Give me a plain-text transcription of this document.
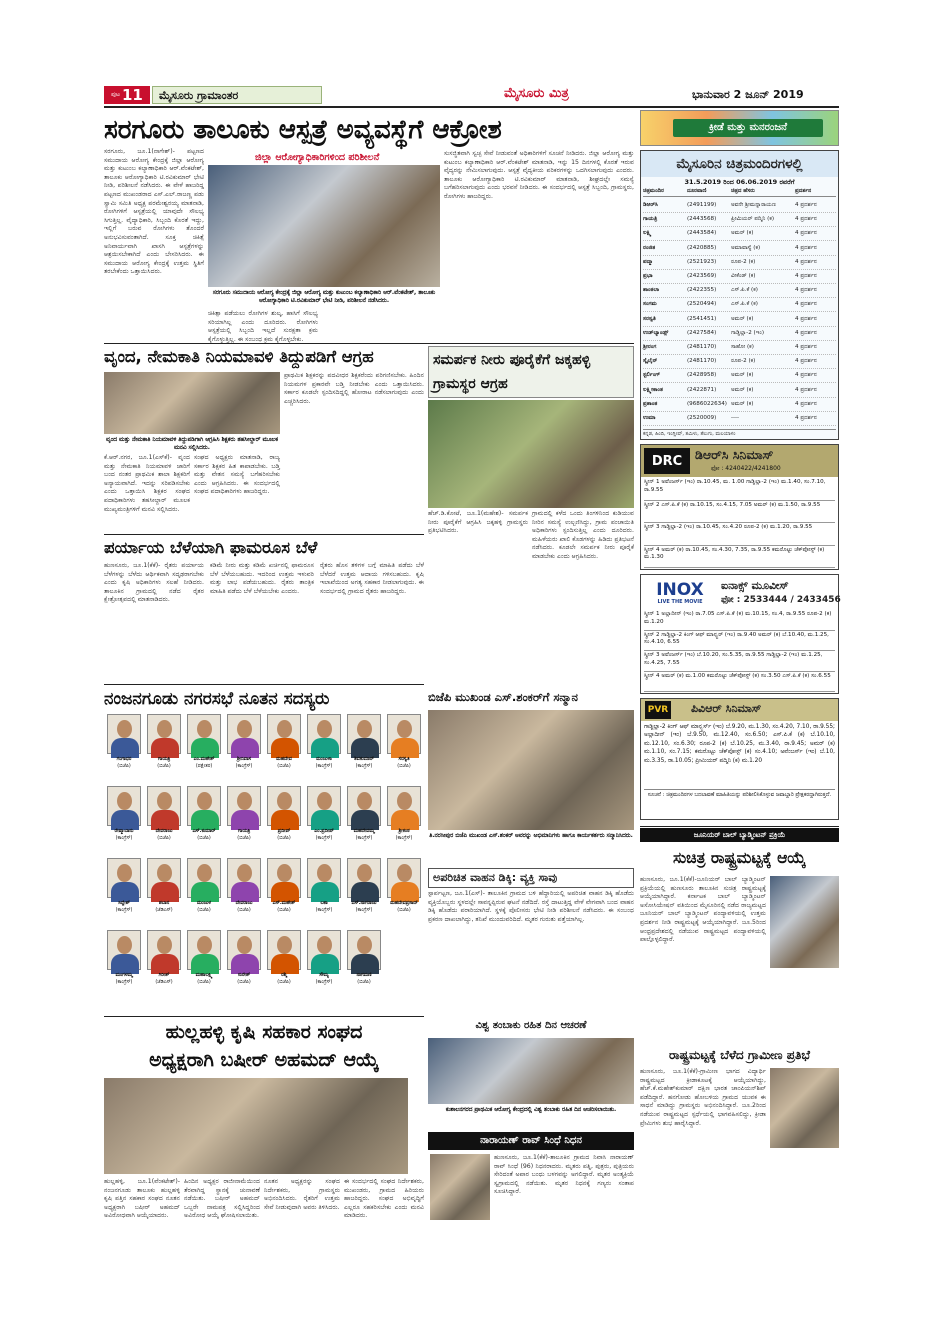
ಪುಟ 11 ಮೈಸೂರು ಗ್ರಾಮಾಂತರ	ಮೈಸೂರು ಮಿತ್ರ	ಭಾನುವಾರ 2 ಜೂನ್ 2019
ಸರಗೂರು ತಾಲೂಕು ಆಸ್ಪತ್ರೆ ಅವ್ಯವಸ್ಥೆಗೆ ಆಕ್ರೋಶ
ಜಿಲ್ಲಾ ಆರೋಗ್ಯಾಧಿಕಾರಿಗಳಿಂದ ಪರಿಶೀಲನೆ
ಸರಗೂರು, ಜೂ.1(ನಾಗೇಶ್)- ಪಟ್ಟಣದ ಸಮುದಾಯ ಆರೋಗ್ಯ ಕೇಂದ್ರಕ್ಕೆ ಜಿಲ್ಲಾ ಆರೋಗ್ಯ ಮತ್ತು ಕುಟುಂಬ ಕಲ್ಯಾಣಾಧಿಕಾರಿ ಆರ್.ವೆಂಕಟೇಶ್, ತಾಲೂಕು ಆರೋಗ್ಯಾಧಿಕಾರಿ ಟಿ.ರವಿಕುಮಾರ್ ಭೇಟಿ ನೀಡಿ, ಪರಿಶೀಲನೆ ನಡೆಸಿದರು. ಈ ವೇಳೆ ಹಾಜರಿದ್ದ ಪಟ್ಟಣದ ಮುಖಂಡರಾದ ಎಸ್.ಎಲ್.ರಾಜಣ್ಣ ಪಡು ಸ್ವಾಮಿ ಸಮಿತಿ ಅಧ್ಯಕ್ಷ ಪರಮೇಶ್ವರಯ್ಯ ಮಾತನಾಡಿ, ರೋಗಿಗಳಿಗೆ ಆಸ್ಪತ್ರೆಯಲ್ಲಿ ಯಾವುದೇ ಸೌಲಭ್ಯ ಸಿಗುತ್ತಿಲ್ಲ. ವೈದ್ಯಾಧಿಕಾರಿ, ಸಿಬ್ಬಂದಿ ಕೊರತೆ ಇದ್ದು, ಇಲ್ಲಿಗೆ ಬರುವ ರೋಗಿಗಳು ತೊಂದರೆ ಅನುಭವಿಸುವಂತಾಗಿದೆ. ಸೂಕ್ತ ಚಿಕಿತ್ಸೆ ಅನಿವಾರ್ಯವಾಗಿ ಖಾಸಗಿ ಆಸ್ಪತ್ರೆಗಳನ್ನು ಆಶ್ರಯಿಸಬೇಕಾಗಿದೆ ಎಂದು ಬೇಸರಿಸಿದರು. ಈ ಸಮುದಾಯ ಆರೋಗ್ಯ ಕೇಂದ್ರಕ್ಕೆ ಉತ್ತಮ ಸ್ಥಿತಿಗೆ ತರಬೇಕೆಂದು ಒತ್ತಾಯಿಸಿದರು.
ಸರಗೂರು ಸಮುದಾಯ ಆರೋಗ್ಯ ಕೇಂದ್ರಕ್ಕೆ ಜಿಲ್ಲಾ ಆರೋಗ್ಯ ಮತ್ತು ಕುಟುಂಬ ಕಲ್ಯಾಣಾಧಿಕಾರಿ ಆರ್.ವೆಂಕಟೇಶ್, ತಾಲೂಕು ಆರೋಗ್ಯಾಧಿಕಾರಿ ಟಿ.ರವಿಕುಮಾರ್ ಭೇಟಿ ನೀಡಿ, ಪರಿಶೀಲನೆ ನಡೆಸಿದರು.
ಚಿಕಿತ್ಸಾ ಪಡೆಯಲು ರೋಗಿಗಳ ಶುಲ್ಕ, ಹಾಸಿಗೆ ಸೌಲಭ್ಯ ಸರಿಯಾಗಿಲ್ಲ ಎಂದು ದೂರಿದರು. ರೋಗಿಗಳು ಆಸ್ಪತ್ರೆಯಲ್ಲಿ ಸಿಬ್ಬಂದಿ ಇಲ್ಲದೆ ಸುರಕ್ಷತಾ ಕ್ರಮ ಕೈಗೊಳ್ಳುತ್ತಿಲ್ಲ. ಈ ಸಂಬಂಧ ಕ್ರಮ ಕೈಗೊಳ್ಳಬೇಕು.
ಸುಸಜ್ಜಿತವಾಗಿ ಸ್ವಚ್ಛ ಸೇವೆ ನೀಡುವಂತೆ ಅಧಿಕಾರಿಗಳಿಗೆ ಸೂಚನೆ ನೀಡಿದರು. ಜಿಲ್ಲಾ ಆರೋಗ್ಯ ಮತ್ತು ಕುಟುಂಬ ಕಲ್ಯಾಣಾಧಿಕಾರಿ ಆರ್.ವೆಂಕಟೇಶ್ ಮಾತನಾಡಿ, ಇನ್ನು 15 ದಿನಗಳಲ್ಲಿ ಕೊರತೆ ಇರುವ ವೈದ್ಯರನ್ನು ನೇಮಿಸಲಾಗುವುದು. ಆಸ್ಪತ್ರೆ ವೈದ್ಯಕೀಯ ಪರಿಕರಗಳನ್ನು ಒದಗಿಸಲಾಗುವುದು ಎಂದರು. ತಾಲೂಕು ಆರೋಗ್ಯಾಧಿಕಾರಿ ಟಿ.ರವಿಕುಮಾರ್ ಮಾತನಾಡಿ, ಶೀಘ್ರದಲ್ಲೇ ಸಮಸ್ಯೆ ಬಗೆಹರಿಸಲಾಗುವುದು ಎಂದು ಭರವಸೆ ನೀಡಿದರು. ಈ ಸಂದರ್ಭದಲ್ಲಿ ಆಸ್ಪತ್ರೆ ಸಿಬ್ಬಂದಿ, ಗ್ರಾಮಸ್ಥರು, ರೋಗಿಗಳು ಹಾಜರಿದ್ದರು.
ವೃಂದ, ನೇಮಕಾತಿ ನಿಯಮಾವಳಿ ತಿದ್ದುಪಡಿಗೆ ಆಗ್ರಹ
ವೃಂದ ಮತ್ತು ನೇಮಕಾತಿ ನಿಯಮಾವಳಿ ತಿದ್ದುಪಡಿಗಾಗಿ ಆಗ್ರಹಿಸಿ ಶಿಕ್ಷಕರು ತಹಸೀಲ್ದಾರ್ ಮೂಲಕ ಮನವಿ ಸಲ್ಲಿಸಿದರು.
ಕೆ.ಆರ್.ನಗರ, ಜೂ.1(ಎಸ್‌ಕೆ)- ವೃಂದ ಮತ್ತು ನೇಮಕಾತಿ ನಿಯಮಾವಳಿ ಜಾರಿಗೆ ಬಂದ ನಂತರ ಪ್ರಾಥಮಿಕ ಶಾಲಾ ಶಿಕ್ಷಕರಿಗೆ ಅನ್ಯಾಯವಾಗಿದೆ. ಇದನ್ನು ಸರಿಪಡಿಸಬೇಕು ಎಂದು ಒತ್ತಾಯಿಸಿ ಶಿಕ್ಷಕರ ಸಂಘದ ಪದಾಧಿಕಾರಿಗಳು ತಹಸೀಲ್ದಾರ್ ಮೂಲಕ ಮುಖ್ಯಮಂತ್ರಿಗಳಿಗೆ ಮನವಿ ಸಲ್ಲಿಸಿದರು.
ಸಂಘದ ಅಧ್ಯಕ್ಷರು ಮಾತನಾಡಿ, ರಾಜ್ಯ ಸರ್ಕಾರ ಶಿಕ್ಷಕರ ಹಿತ ಕಾಪಾಡಬೇಕು. ಬಡ್ತಿ ಮತ್ತು ವೇತನ ಸಮಸ್ಯೆ ಬಗೆಹರಿಸಬೇಕು ಎಂದು ಆಗ್ರಹಿಸಿದರು. ಈ ಸಂದರ್ಭದಲ್ಲಿ ಸಂಘದ ಪದಾಧಿಕಾರಿಗಳು ಹಾಜರಿದ್ದರು.
ಪ್ರಾಥಮಿಕ ಶಿಕ್ಷಕರನ್ನು ಪದವೀಧರ ಶಿಕ್ಷಕರೆಂದು ಪರಿಗಣಿಸಬೇಕು. ಹಿಂದಿನ ನಿಯಮಗಳ ಪ್ರಕಾರವೇ ಬಡ್ತಿ ನೀಡಬೇಕು ಎಂದು ಒತ್ತಾಯಿಸಿದರು. ಸರ್ಕಾರ ಕೂಡಲೇ ಸ್ಪಂದಿಸದಿದ್ದಲ್ಲಿ ಹೋರಾಟ ನಡೆಸಲಾಗುವುದು ಎಂದು ಎಚ್ಚರಿಸಿದರು.
ಸಮರ್ಪಕ ನೀರು ಪೂರೈಕೆಗೆ ಜಕ್ಕಹಳ್ಳಿ ಗ್ರಾಮಸ್ಥರ ಆಗ್ರಹ
ಹೆಚ್.ಡಿ.ಕೋಟೆ, ಜೂ.1(ಮಹೇಶ)- ಸಮರ್ಪಕ ನೀರು ಪೂರೈಕೆಗೆ ಆಗ್ರಹಿಸಿ ಜಕ್ಕಹಳ್ಳಿ ಗ್ರಾಮಸ್ಥರು ಪ್ರತಿಭಟಿಸಿದರು.
ಗ್ರಾಮದಲ್ಲಿ ಕಳೆದ ಒಂದು ತಿಂಗಳಿನಿಂದ ಕುಡಿಯುವ ನೀರಿನ ಸಮಸ್ಯೆ ಉಲ್ಬಣಿಸಿದ್ದು, ಗ್ರಾಮ ಪಂಚಾಯಿತಿ ಅಧಿಕಾರಿಗಳು ಸ್ಪಂದಿಸುತ್ತಿಲ್ಲ ಎಂದು ದೂರಿದರು. ಮಹಿಳೆಯರು ಖಾಲಿ ಕೊಡಗಳನ್ನು ಹಿಡಿದು ಪ್ರತಿಭಟನೆ ನಡೆಸಿದರು. ಕೂಡಲೇ ಸಮರ್ಪಕ ನೀರು ಪೂರೈಕೆ ಮಾಡಬೇಕು ಎಂದು ಆಗ್ರಹಿಸಿದರು.
ಪರ್ಯಾಯ ಬೆಳೆಯಾಗಿ ಫಾಮರೂಸ ಬೆಳೆ
ಹುಣಸೂರು, ಜೂ.1(ಕೆಕೆ)- ರೈತರು ಪರ್ಯಾಯ ಬೆಳೆಗಳನ್ನು ಬೆಳೆದು ಆರ್ಥಿಕವಾಗಿ ಸದೃಢರಾಗಬೇಕು ಎಂದು ಕೃಷಿ ಅಧಿಕಾರಿಗಳು ಸಲಹೆ ನೀಡಿದರು. ತಾಲೂಕಿನ ಗ್ರಾಮದಲ್ಲಿ ನಡೆದ ರೈತರ ಕ್ಷೇತ್ರೋತ್ಸವದಲ್ಲಿ ಮಾತನಾಡಿದರು.
ಕಡಿಮೆ ನೀರು ಮತ್ತು ಕಡಿಮೆ ಖರ್ಚಿನಲ್ಲಿ ಫಾಮರೂಸ ಬೆಳೆ ಬೆಳೆಯಬಹುದು. ಇದರಿಂದ ಉತ್ತಮ ಇಳುವರಿ ಮತ್ತು ಲಾಭ ಪಡೆಯಬಹುದು. ರೈತರು ತಾಂತ್ರಿಕ ಮಾಹಿತಿ ಪಡೆದು ಬೆಳೆ ಬೆಳೆಯಬೇಕು ಎಂದರು.
ರೈತರು ಹೊಸ ತಳಿಗಳ ಬಗ್ಗೆ ಮಾಹಿತಿ ಪಡೆದು ಬೆಳೆ ಬೆಳೆದರೆ ಉತ್ತಮ ಆದಾಯ ಗಳಿಸಬಹುದು. ಕೃಷಿ ಇಲಾಖೆಯಿಂದ ಅಗತ್ಯ ಸಹಕಾರ ನೀಡಲಾಗುವುದು. ಈ ಸಂದರ್ಭದಲ್ಲಿ ಗ್ರಾಮದ ರೈತರು ಹಾಜರಿದ್ದರು.
ನಂಜನಗೂಡು ನಗರಸಭೆ ನೂತನ ಸದಸ್ಯರು
ಗಂಗಾಧರ
(ಬಿಜೆಪಿ)
ಗಾಯತ್ರಿ
(ಬಿಜೆಪಿ)
ಎಂ.ಮಹೇಶ್
(ಪಕ್ಷೇತರ)
ಶ್ರೀನಿವಾಸ
(ಕಾಂಗ್ರೆಸ್)
ಮಹದೇವ
(ಬಿಜೆಪಿ)
ಮಂಜುಳಾ
(ಕಾಂಗ್ರೆಸ್)
ಶಿವಕುಮಾರ್
(ಕಾಂಗ್ರೆಸ್)
ಸರಸ್ವತಿ
(ಬಿಜೆಪಿ)
ರೇಷ್ಮಾಬಾನು
(ಕಾಂಗ್ರೆಸ್)
ದೇವರಾಜು
(ಬಿಜೆಪಿ)
ಎಸ್.ಕುಮಾರ್
(ಬಿಜೆಪಿ)
ಗಾಯತ್ರಿ
(ಬಿಜೆಪಿ)
ಪ್ರದೀಪ್
(ಬಿಜೆಪಿ)
ಎಂ.ಪ್ರದೀಪ್
(ಕಾಂಗ್ರೆಸ್)
ಮಹದೇವಮ್ಮ
(ಕಾಂಗ್ರೆಸ್)
ಶ್ರೀಕಂಠ
(ಕಾಂಗ್ರೆಸ್)
ಸಿದ್ದೇಶ್
(ಕಾಂಗ್ರೆಸ್)
ಶಬಾನ
(ಜೆಡಿಎಸ್)
ಮಂಜುಳ
(ಬಿಜೆಪಿ)
ದೇವರಾಜು
(ಬಿಜೆಪಿ)
ಎಸ್.ಮಹೇಶ್
(ಬಿಜೆಪಿ)
ಲತಾ
(ಕಾಂಗ್ರೆಸ್)
ಎಸ್.ನಾಗರಾಜು
(ಕಾಂಗ್ರೆಸ್)
ಮಹದೇವಪ್ರಸಾದ್
(ಬಿಜೆಪಿ)
ಮಂಗಳಮ್ಮ
(ಕಾಂಗ್ರೆಸ್)
ಗಿರೀಶ್
(ಜೆಡಿಎಸ್)
ಮಹಾಲಕ್ಷ್ಮಿ
(ಬಿಜೆಪಿ)
ಸುರೇಶ್
(ಬಿಜೆಪಿ)
ರಶ್ಮಿ
(ಬಿಜೆಪಿ)
ಸೌಮ್ಯ
(ಕಾಂಗ್ರೆಸ್)
ನಾಗಮಣಿ
(ಬಿಜೆಪಿ)
ಬಿಜೆಪಿ ಮುಖಂಡ ಎಸ್.ಶಂಕರ್‌ಗೆ ಸನ್ಮಾನ
ತಿ.ನರಸೀಪುರ ಬಿಜೆಪಿ ಮುಖಂಡ ಎಸ್.ಶಂಕರ್ ಅವರನ್ನು ಅಭಿಮಾನಿಗಳು ಹಾಗೂ ಕಾರ್ಯಕರ್ತರು ಸನ್ಮಾನಿಸಿದರು.
ಅಪರಿಚಿತ ವಾಹನ ಡಿಕ್ಕಿ: ವ್ಯಕ್ತಿ ಸಾವು
ಸ್ಟಾರ್ಪಟ್ಟಣ, ಜೂ.1(ಎಸ್)- ತಾಲೂಕಿನ ಗ್ರಾಮದ ಬಳಿ ಹೆದ್ದಾರಿಯಲ್ಲಿ ಅಪರಿಚಿತ ವಾಹನ ಡಿಕ್ಕಿ ಹೊಡೆದು ವ್ಯಕ್ತಿಯೊಬ್ಬರು ಸ್ಥಳದಲ್ಲೇ ಸಾವನ್ನಪ್ಪಿರುವ ಘಟನೆ ನಡೆದಿದೆ. ರಸ್ತೆ ದಾಟುತ್ತಿದ್ದ ವೇಳೆ ವೇಗವಾಗಿ ಬಂದ ವಾಹನ ಡಿಕ್ಕಿ ಹೊಡೆದು ಪರಾರಿಯಾಗಿದೆ. ಸ್ಥಳಕ್ಕೆ ಪೊಲೀಸರು ಭೇಟಿ ನೀಡಿ ಪರಿಶೀಲನೆ ನಡೆಸಿದರು. ಈ ಸಂಬಂಧ ಪ್ರಕರಣ ದಾಖಲಾಗಿದ್ದು, ತನಿಖೆ ಮುಂದುವರಿದಿದೆ. ಮೃತರ ಗುರುತು ಪತ್ತೆಯಾಗಿಲ್ಲ.
ವಿಶ್ವ ತಂಬಾಕು ರಹಿತ ದಿನ ಆಚರಣೆ
ಕುಶಾಲನಗರದ ಪ್ರಾಥಮಿಕ ಆರೋಗ್ಯ ಕೇಂದ್ರದಲ್ಲಿ ವಿಶ್ವ ತಂಬಾಕು ರಹಿತ ದಿನ ಆಚರಿಸಲಾಯಿತು.
ನಾರಾಯಣ್ ರಾವ್ ಸಿಂಧೆ ನಿಧನ
ಹುಣಸೂರು, ಜೂ.1(ಕೆಕೆ)-ತಾಲೂಕಿನ ಗ್ರಾಮದ ನಿವಾಸಿ ನಾರಾಯಣ್ ರಾವ್ ಸಿಂಧೆ (96) ನಿಧನರಾದರು. ಮೃತರು ಪತ್ನಿ, ಪುತ್ರರು, ಪುತ್ರಿಯರು ಸೇರಿದಂತೆ ಅಪಾರ ಬಂಧು ಬಳಗವನ್ನು ಅಗಲಿದ್ದಾರೆ. ಮೃತರ ಅಂತ್ಯಕ್ರಿಯೆ ಸ್ವಗ್ರಾಮದಲ್ಲಿ ನಡೆಯಿತು. ಮೃತರ ನಿಧನಕ್ಕೆ ಗಣ್ಯರು ಸಂತಾಪ ಸೂಚಿಸಿದ್ದಾರೆ.
ಹುಲ್ಲಹಳ್ಳಿ ಕೃಷಿ ಸಹಕಾರ ಸಂಘದ
ಅಧ್ಯಕ್ಷರಾಗಿ ಬಷೀರ್ ಅಹಮದ್ ಆಯ್ಕೆ
ಹುಲ್ಲಹಳ್ಳಿ, ಜೂ.1(ವೆಂಕಟೇಶ್)- ನಂಜನಗೂಡು ತಾಲೂಕು ಹುಲ್ಲಹಳ್ಳಿ ಕೃಷಿ ಪತ್ತಿನ ಸಹಕಾರ ಸಂಘದ ನೂತನ ಅಧ್ಯಕ್ಷರಾಗಿ ಬಷೀರ್ ಅಹಮದ್ ಅವಿರೋಧವಾಗಿ ಆಯ್ಕೆಯಾದರು.
ಹಿಂದಿನ ಅಧ್ಯಕ್ಷರ ರಾಜೀನಾಮೆಯಿಂದ ತೆರವಾಗಿದ್ದ ಸ್ಥಾನಕ್ಕೆ ಚುನಾವಣೆ ನಡೆಯಿತು. ಬಷೀರ್ ಅಹಮದ್ ಒಬ್ಬರೇ ನಾಮಪತ್ರ ಸಲ್ಲಿಸಿದ್ದರಿಂದ ಅವಿರೋಧ ಆಯ್ಕೆ ಘೋಷಿಸಲಾಯಿತು.
ನೂತನ ಅಧ್ಯಕ್ಷರನ್ನು ಸಂಘದ ನಿರ್ದೇಶಕರು, ಗ್ರಾಮಸ್ಥರು ಅಭಿನಂದಿಸಿದರು. ರೈತರಿಗೆ ಉತ್ತಮ ಸೇವೆ ನೀಡುವುದಾಗಿ ಅವರು ತಿಳಿಸಿದರು.
ಈ ಸಂದರ್ಭದಲ್ಲಿ ಸಂಘದ ನಿರ್ದೇಶಕರು, ಮುಖಂಡರು, ಗ್ರಾಮದ ಹಿರಿಯರು ಹಾಜರಿದ್ದರು. ಸಂಘದ ಅಭಿವೃದ್ಧಿಗೆ ಎಲ್ಲರೂ ಸಹಕರಿಸಬೇಕು ಎಂದು ಮನವಿ ಮಾಡಿದರು.
ಕ್ರೀಡೆ ಮತ್ತು ಮನರಂಜನೆ
ಮೈಸೂರಿನ ಚಿತ್ರಮಂದಿರಗಳಲ್ಲಿ
31.5.2019 ರಿಂದ 06.06.2019 ರವರೆಗೆ
ಚಿತ್ರಮಂದಿರ	ದೂರವಾಣಿ	ಚಿತ್ರದ ಹೆಸರು	ಪ್ರದರ್ಶನ
ಡಿಆರ್‌ಸಿ	(2491199)	ಅವನೇ ಶ್ರೀಮನ್ನಾರಾಯಣ	4 ಪ್ರದರ್ಶನ
ಗಾಯತ್ರಿ	(2443568)	ಪ್ರೀಮಿಯರ್ ಪದ್ಮಿನಿ (ಕ)	4 ಪ್ರದರ್ಶನ
ಲಕ್ಷ್ಮಿ	(2443584)	ಅಮರ್ (ಕ)	4 ಪ್ರದರ್ಶನ
ರಂಜಿತ	(2420885)	ಅಮಾವಾಸ್ಯೆ (ಕ)	4 ಪ್ರದರ್ಶನ
ಪದ್ಮಾ	(2521923)	ರೂಪ-2 (ಕ)	4 ಪ್ರದರ್ಶನ
ಪ್ರಭಾ	(2423569)	ವೀಕೆಂಡ್ (ಕ)	4 ಪ್ರದರ್ಶನ
ಶಾಂತಲಾ	(2422355)	ಎಸ್.ಪಿ.ಕೆ (ಕ)	4 ಪ್ರದರ್ಶನ
ಸಂಗಮ	(2520494)	ಎಸ್.ಪಿ.ಕೆ (ಕ)	4 ಪ್ರದರ್ಶನ
ಸರಸ್ವತಿ	(2541451)	ಅಮರ್ (ಕ)	4 ಪ್ರದರ್ಶನ
ಉಡ್‌ಲ್ಯಾಂಡ್ಸ್	(2427584)	ಗಾಡ್ಜಿಲ್ಲಾ-2 (ಇಂ)	4 ಪ್ರದರ್ಶನ
ಶ್ರೀರಂಗ	(2481170)	ಸಾಹೋ (ಕ)	4 ಪ್ರದರ್ಶನ
ಸ್ಕೈಲೈನ್	(2481170)	ರೂಪ-2 (ಕ)	4 ಪ್ರದರ್ಶನ
ಸ್ಟರ್ಲಿಂಗ್	(2428958)	ಅಮರ್ (ಕ)	4 ಪ್ರದರ್ಶನ
ಲಕ್ಷ್ಮೀಕಾಂತ	(2422871)	ಅಮರ್ (ಕ)	4 ಪ್ರದರ್ಶನ
ಪ್ರಶಾಂತ	(9686022634) ಅಮರ್ (ಕ)	4 ಪ್ರದರ್ಶನ
ಉಮಾ	(2520009)	----	4 ಪ್ರದರ್ಶನ
ಕನ್ನಡ, ಹಿಂದಿ, ಇಂಗ್ಲೀಷ್, ತಮಿಳು, ತೆಲುಗು, ಮಲಯಾಳಂ
DRC ಡಿಆರ್‌ಸಿ ಸಿನಿಮಾಸ್
ಫೋ : 4240422/4241800
ಸ್ಕ್ರೀನ್ 1 ಅವೆಂಜರ್ಸ್ (ಇಂ) ರಾ.10.45, ಮ. 1.00 ಗಾಡ್ಜಿಲ್ಲಾ-2 (ಇಂ) ಮ.1.40, ಸಂ.7.10, ರಾ.9.55
ಸ್ಕ್ರೀನ್ 2 ಎಸ್.ಪಿ.ಕೆ (ಕ) ರಾ.10.15, ಸಂ.4.15, 7.05 ಅಮರ್ (ಕ) ಮ.1.50, ರಾ.9.55
ಸ್ಕ್ರೀನ್ 3 ಗಾಡ್ಜಿಲ್ಲಾ-2 (ಇಂ) ರಾ.10.45, ಸಂ.4.20 ರೂಪ-2 (ಕ) ಮ.1.20, ರಾ.9.55
ಸ್ಕ್ರೀನ್ 4 ಅಮರ್ (ಕ) ರಾ.10.45, ಸಂ.4.30, 7.35, ರಾ.9.55 ಕಮರೊಟ್ಟು ಚೆಕ್‌ಪೋಸ್ಟ್ (ಕ) ಮ.1.30
INOX
LIVE THE MOVIE
ಐನಾಕ್ಸ್ ಮೂವೀಸ್
ಫೋ : 2533444 / 2433456
ಸ್ಕ್ರೀನ್ 1 ಅಲ್ಲಾದೀನ್ (ಇಂ) ರಾ.7.05 ಎಸ್.ಪಿ.ಕೆ (ಕ) ಮ.10.15, ಸಂ.4, ರಾ.9.55 ರೂಪ-2 (ಕ) ಮ.1.20
ಸ್ಕ್ರೀನ್ 2 ಗಾಡ್ಜಿಲ್ಲಾ-2 ಕಿಂಗ್ ಆಫ್ ಮಾನ್ಸ್ಟರ್ (ಇಂ) ರಾ.9.40 ಅಮರ್ (ಕ) ಬೆ.10.40, ಮ.1.25, ಸಂ.4.10, 6.55
ಸ್ಕ್ರೀನ್ 3 ಅವೆಂಜರ್ಸ್ (ಇಂ) ಬೆ.10.20, ಸಂ.5.35, ರಾ.9.55 ಗಾಡ್ಜಿಲ್ಲಾ-2 (ಇಂ) ಮ.1.25, ಸಂ.4.25, 7.55
ಸ್ಕ್ರೀನ್ 4 ಅಮರ್ (ಕ) ಮ.1.00 ಕಮರೊಟ್ಟು ಚೆಕ್‌ಪೋಸ್ಟ್ (ಕ) ಸಂ.3.50 ಎಸ್.ಪಿ.ಕೆ (ಕ) ಸಂ.6.55
PVR ಪಿವಿಆರ್ ಸಿನಿಮಾಸ್
ಗಾಡ್ಜಿಲ್ಲಾ-2 ಕಿಂಗ್ ಆಫ್ ಮಾನ್ಸ್ಟರ್ಸ್ (ಇಂ) ಬೆ.9.20, ಮ.1.30, ಸಂ.4.20, 7.10, ರಾ.9.55; ಅಲ್ಲಾದೀನ್ (ಇಂ) ಬೆ.9.50, ಮ.12.40, ಸಂ.6.50; ಎಸ್.ಪಿ.ಕೆ (ಕ) ಬೆ.10.10, ಮ.12.10, ಸಂ.6.30; ರೂಪ-2 (ಕ) ಬೆ.10.25, ಮ.3.40, ರಾ.9.45; ಅಮರ್ (ಕ) ಮ.1.10, ಸಂ.7.15; ಕಮರೊಟ್ಟು ಚೆಕ್‌ಪೋಸ್ಟ್ (ಕ) ಸಂ.4.10; ಅವೆಂಜರ್ಸ್ (ಇಂ) ಬೆ.10, ಮ.3.35, ರಾ.10.05; ಪ್ರೀಮಿಯರ್ ಪದ್ಮಿನಿ (ಕ) ಮ.1.20
ಸೂಚನೆ : ಚಿತ್ರಮಂದಿರಗಳ ಬದಲಾವಣೆ ಮಾಹಿತಿಯನ್ನು ಪರಿಶೀಲಿಸಿಕೊಳ್ಳುವ ಜವಾಬ್ದಾರಿ ಪ್ರೇಕ್ಷಕರದ್ದಾಗಿರುತ್ತದೆ.
ಜೂನಿಯರ್ ಬಾಲ್ ಬ್ಯಾಡ್ಮಿಂಟನ್ ಪ್ರಕ್ರಿಯೆ
ಸುಚಿತ್ರ ರಾಷ್ಟ್ರಮಟ್ಟಕ್ಕೆ ಆಯ್ಕೆ
ಹುಣಸೂರು, ಜೂ.1(ಕೆಕೆ)-ಜೂನಿಯರ್ ಬಾಲ್ ಬ್ಯಾಡ್ಮಿಂಟನ್ ಪ್ರಕ್ರಿಯೆಯಲ್ಲಿ ಹುಣಸೂರು ತಾಲೂಕಿನ ಸುಚಿತ್ರ ರಾಷ್ಟ್ರಮಟ್ಟಕ್ಕೆ ಆಯ್ಕೆಯಾಗಿದ್ದಾರೆ. ಕರ್ನಾಟಕ ಬಾಲ್ ಬ್ಯಾಡ್ಮಿಂಟನ್ ಅಸೋಸಿಯೇಷನ್ ವತಿಯಿಂದ ಮೈಸೂರಿನಲ್ಲಿ ನಡೆದ ರಾಜ್ಯಮಟ್ಟದ ಜೂನಿಯರ್ ಬಾಲ್ ಬ್ಯಾಡ್ಮಿಂಟನ್ ಪಂದ್ಯಾವಳಿಯಲ್ಲಿ ಉತ್ತಮ ಪ್ರದರ್ಶನ ನೀಡಿ ರಾಷ್ಟ್ರಮಟ್ಟಕ್ಕೆ ಆಯ್ಕೆಯಾಗಿದ್ದಾರೆ. ಜೂ.5ರಿಂದ ಆಂಧ್ರಪ್ರದೇಶದಲ್ಲಿ ನಡೆಯುವ ರಾಷ್ಟ್ರಮಟ್ಟದ ಪಂದ್ಯಾವಳಿಯಲ್ಲಿ ಪಾಲ್ಗೊಳ್ಳಲಿದ್ದಾರೆ.
ರಾಷ್ಟ್ರಮಟ್ಟಕ್ಕೆ ಬೆಳೆದ ಗ್ರಾಮೀಣ ಪ್ರತಿಭೆ
ಹುಣಸೂರು, ಜೂ.1(ಕೆಕೆ)-ಗ್ರಾಮೀಣ ಭಾಗದ ವಿದ್ಯಾರ್ಥಿ ರಾಷ್ಟ್ರಮಟ್ಟದ ಕ್ರೀಡಾಕೂಟಕ್ಕೆ ಆಯ್ಕೆಯಾಗಿದ್ದು, ಹೆಚ್.ಕೆ.ಮಹೇಶ್‌ಕುಮಾರ್ ದಕ್ಷಿಣ ಭಾರತ ಚಾಂಪಿಯನ್‌ಶಿಪ್ ಪಡೆದಿದ್ದಾರೆ. ಹನಗೋಡು ಹೋಬಳಿಯ ಗ್ರಾಮದ ಯುವಕ ಈ ಸಾಧನೆ ಮಾಡಿದ್ದು ಗ್ರಾಮಸ್ಥರು ಅಭಿನಂದಿಸಿದ್ದಾರೆ. ಜೂ.2ರಿಂದ ನಡೆಯುವ ರಾಷ್ಟ್ರಮಟ್ಟದ ಸ್ಪರ್ಧೆಯಲ್ಲಿ ಭಾಗವಹಿಸಲಿದ್ದು, ಕ್ರೀಡಾ ಪ್ರೇಮಿಗಳು ಶುಭ ಹಾರೈಸಿದ್ದಾರೆ.
